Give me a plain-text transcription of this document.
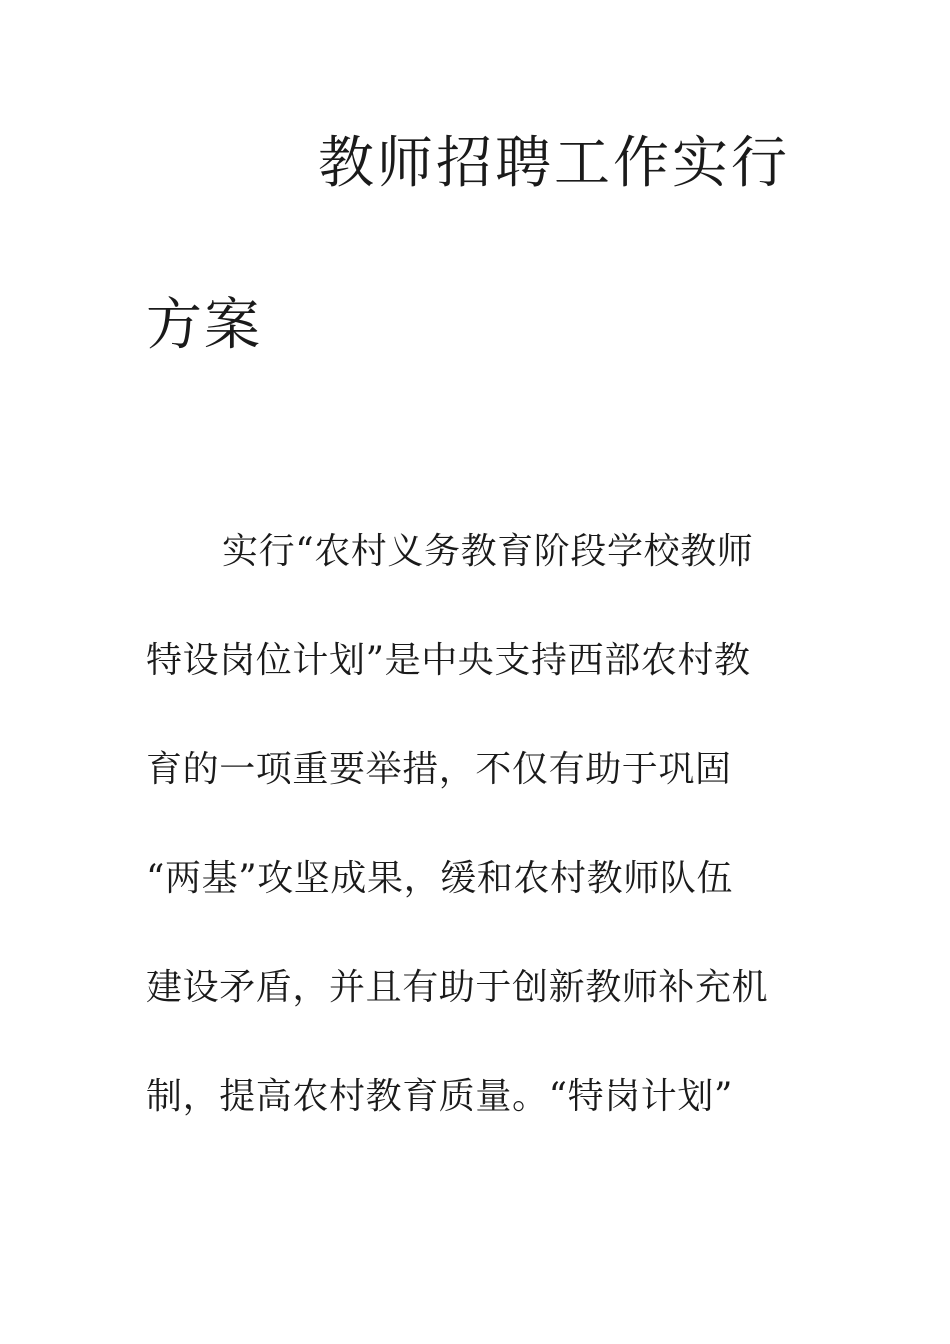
教师招聘工作实行
方案
实行“农村义务教育阶段学校教师
特设岗位计划”是中央支持西部农村教
育的一项重要举措，不仅有助于巩固
“两基”攻坚成果，缓和农村教师队伍
建设矛盾，并且有助于创新教师补充机
制，提高农村教育质量。“特岗计划”
